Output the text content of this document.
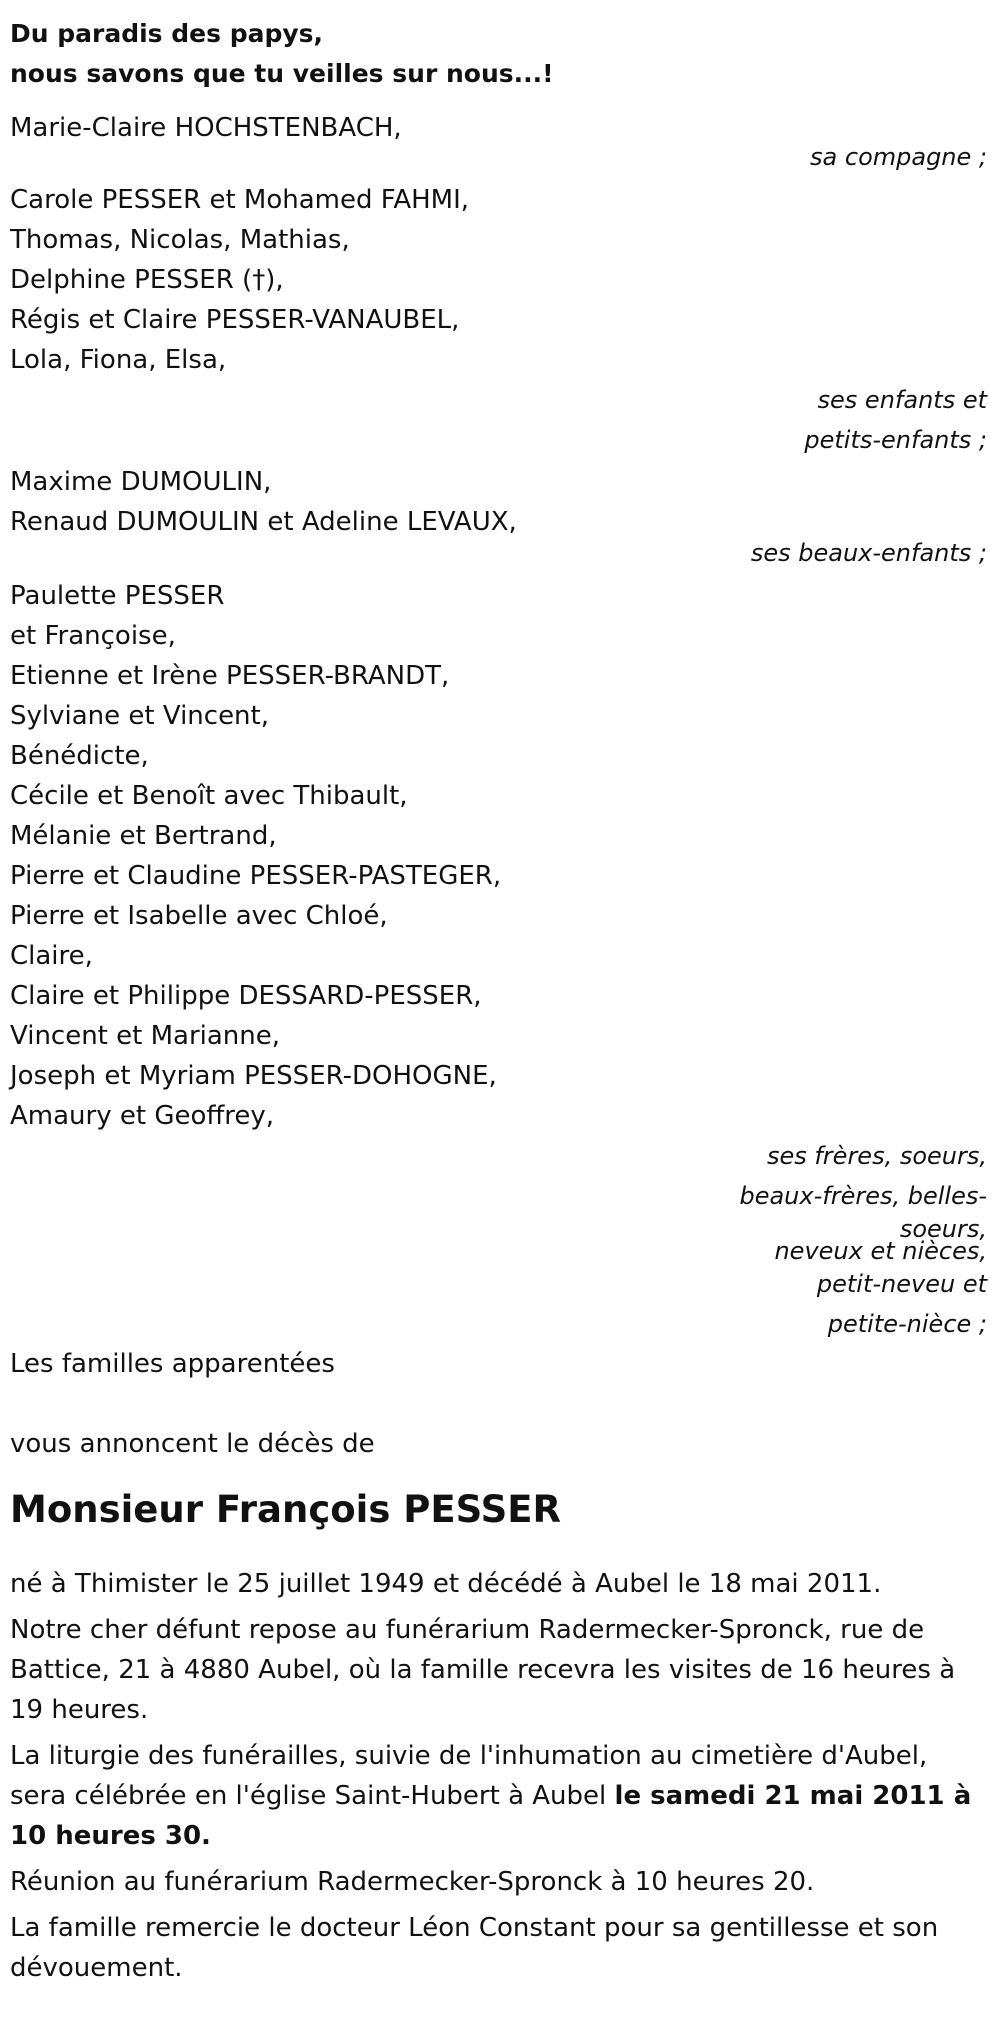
Du paradis des papys,
nous savons que tu veilles sur nous...!
Marie-Claire HOCHSTENBACH,
sa compagne ;
Carole PESSER et Mohamed FAHMI,
Thomas, Nicolas, Mathias,
Delphine PESSER (†),
Régis et Claire PESSER-VANAUBEL,
Lola, Fiona, Elsa,
ses enfants et
petits-enfants ;
Maxime DUMOULIN,
Renaud DUMOULIN et Adeline LEVAUX,
ses beaux-enfants ;
Paulette PESSER
et Françoise,
Etienne et Irène PESSER-BRANDT,
Sylviane et Vincent,
Bénédicte,
Cécile et Benoît avec Thibault,
Mélanie et Bertrand,
Pierre et Claudine PESSER-PASTEGER,
Pierre et Isabelle avec Chloé,
Claire,
Claire et Philippe DESSARD-PESSER,
Vincent et Marianne,
Joseph et Myriam PESSER-DOHOGNE,
Amaury et Geoffrey,
ses frères, soeurs,
beaux-frères, belles-
soeurs,
neveux et nièces,
petit-neveu et
petite-nièce ;
Les familles apparentées
vous annoncent le décès de
Monsieur François PESSER

né à Thimister le 25 juillet 1949 et décédé à Aubel le 18 mai 2011.

Notre cher défunt repose au funérarium Radermecker-Spronck, rue de Battice, 21 à 4880 Aubel, où la famille recevra les visites de 16 heures à 19 heures.

La liturgie des funérailles, suivie de l'inhumation au cimetière d'Aubel, sera célébrée en l'église Saint-Hubert à Aubel le samedi 21 mai 2011 à 10 heures 30.

Réunion au funérarium Radermecker-Spronck à 10 heures 20.

La famille remercie le docteur Léon Constant pour sa gentillesse et son dévouement.
